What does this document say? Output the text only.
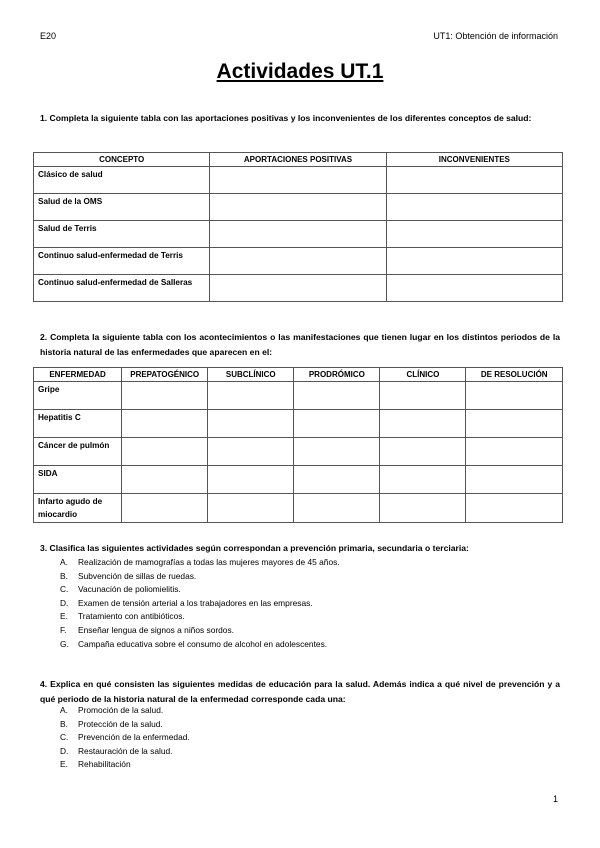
E20	UT1: Obtención de información
Actividades UT.1
1. Completa la siguiente tabla con las aportaciones positivas y los inconvenientes de los diferentes conceptos de salud:
CONCEPTO	APORTACIONES POSITIVAS	INCONVENIENTES
Clásico de salud		
Salud de la OMS		
Salud de Terris		
Continuo salud-enfermedad de Terris		
Continuo salud-enfermedad de Salleras		
2. Completa la siguiente tabla con los acontecimientos o las manifestaciones que tienen lugar en los distintos periodos de la historia natural de las enfermedades que aparecen en el:
ENFERMEDAD	PREPATOGÉNICO	SUBCLÍNICO	PRODRÓMICO	CLÍNICO	DE RESOLUCIÓN
Gripe					
Hepatitis C					
Cáncer de pulmón					
SIDA					
Infarto agudo de miocardio					
3. Clasifica las siguientes actividades según correspondan a prevención primaria, secundaria o terciaria:
A. Realización de mamografías a todas las mujeres mayores de 45 años.
B. Subvención de sillas de ruedas.
C. Vacunación de poliomielitis.
D. Examen de tensión arterial a los trabajadores en las empresas.
E. Tratamiento con antibióticos.
F. Enseñar lengua de signos a niños sordos.
G. Campaña educativa sobre el consumo de alcohol en adolescentes.
4. Explica en qué consisten las siguientes medidas de educación para la salud. Además indica a qué nivel de prevención y a qué periodo de la historia natural de la enfermedad corresponde cada una:
A. Promoción de la salud.
B. Protección de la salud.
C. Prevención de la enfermedad.
D. Restauración de la salud.
E. Rehabilitación
1
